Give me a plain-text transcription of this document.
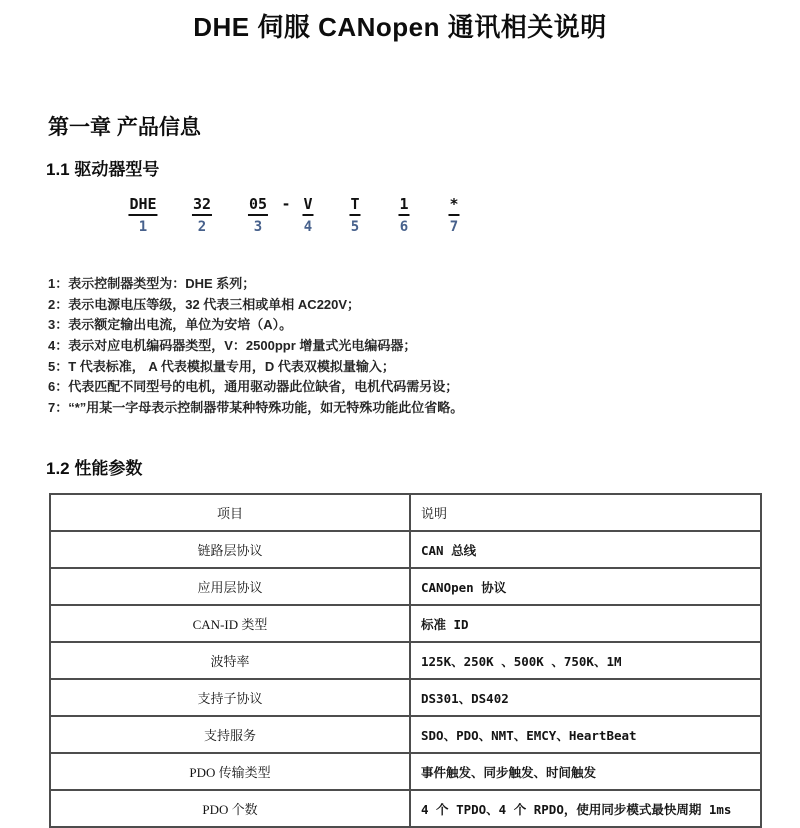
DHE 伺服 CANopen 通讯相关说明
第一章 产品信息
1.1 驱动器型号
DHE
1
32
2
05
3
- V
4
T
5
1
6
*
7
1：表示控制器类型为：DHE 系列；
2：表示电源电压等级，32 代表三相或单相 AC220V；
3：表示额定输出电流，单位为安培（A）。
4：表示对应电机编码器类型，V：2500ppr 增量式光电编码器；
5：T 代表标准， A 代表模拟量专用，D 代表双模拟量输入；
6：代表匹配不同型号的电机，通用驱动器此位缺省，电机代码需另设；
7：“*”用某一字母表示控制器带某种特殊功能，如无特殊功能此位省略。
1.2 性能参数
项目	说明
链路层协议	CAN 总线
应用层协议	CANOpen 协议
CAN-ID 类型	标准 ID
波特率	125K、250K 、500K 、750K、1M
支持子协议	DS301、DS402
支持服务	SDO、PDO、NMT、EMCY、HeartBeat
PDO 传输类型	事件触发、同步触发、时间触发
PDO 个数	4 个 TPDO、4 个 RPDO，使用同步模式最快周期 1ms
